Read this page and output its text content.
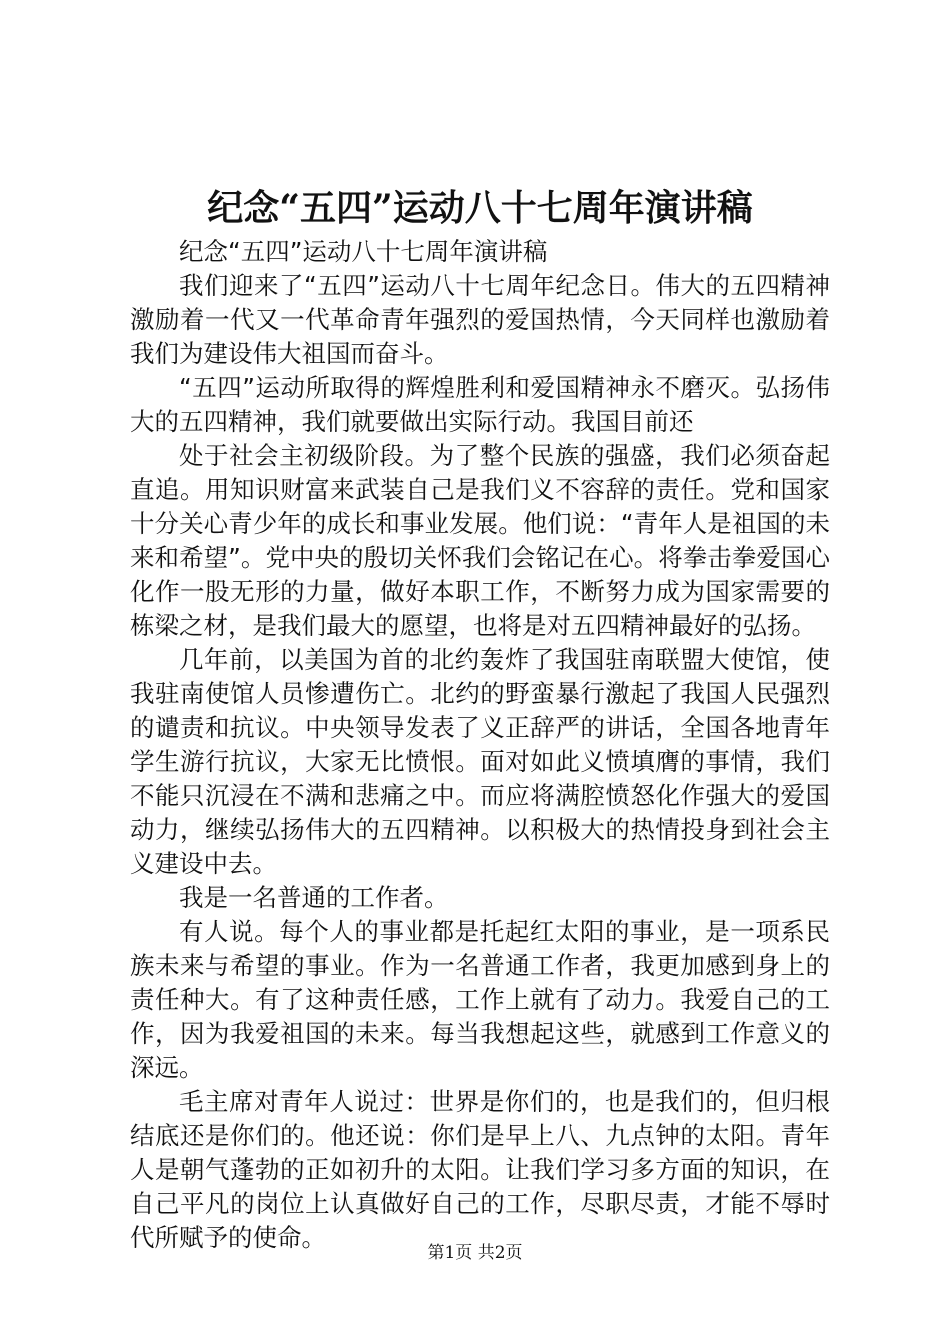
纪念“五四”运动八十七周年演讲稿

纪念“五四”运动八十七周年演讲稿

我们迎来了“五四”运动八十七周年纪念日。伟大的五四精神激励着一代又一代革命青年强烈的爱国热情，今天同样也激励着我们为建设伟大祖国而奋斗。

“五四”运动所取得的辉煌胜利和爱国精神永不磨灭。弘扬伟大的五四精神，我们就要做出实际行动。我国目前还

处于社会主初级阶段。为了整个民族的强盛，我们必须奋起直追。用知识财富来武装自己是我们义不容辞的责任。党和国家十分关心青少年的成长和事业发展。他们说：“青年人是祖国的未来和希望”。党中央的殷切关怀我们会铭记在心。将拳击拳爱国心化作一股无形的力量，做好本职工作，不断努力成为国家需要的栋梁之材，是我们最大的愿望，也将是对五四精神最好的弘扬。

几年前，以美国为首的北约轰炸了我国驻南联盟大使馆，使我驻南使馆人员惨遭伤亡。北约的野蛮暴行激起了我国人民强烈的谴责和抗议。中央领导发表了义正辞严的讲话，全国各地青年学生游行抗议，大家无比愤恨。面对如此义愤填膺的事情，我们不能只沉浸在不满和悲痛之中。而应将满腔愤怒化作强大的爱国动力，继续弘扬伟大的五四精神。以积极大的热情投身到社会主义建设中去。

我是一名普通的工作者。

有人说。每个人的事业都是托起红太阳的事业，是一项系民族未来与希望的事业。作为一名普通工作者，我更加感到身上的责任种大。有了这种责任感，工作上就有了动力。我爱自己的工作，因为我爱祖国的未来。每当我想起这些，就感到工作意义的深远。

毛主席对青年人说过：世界是你们的，也是我们的，但归根结底还是你们的。他还说：你们是早上八、九点钟的太阳。青年人是朝气蓬勃的正如初升的太阳。让我们学习多方面的知识，在自己平凡的岗位上认真做好自己的工作，尽职尽责，才能不辱时代所赋予的使命。

第1页 共2页
